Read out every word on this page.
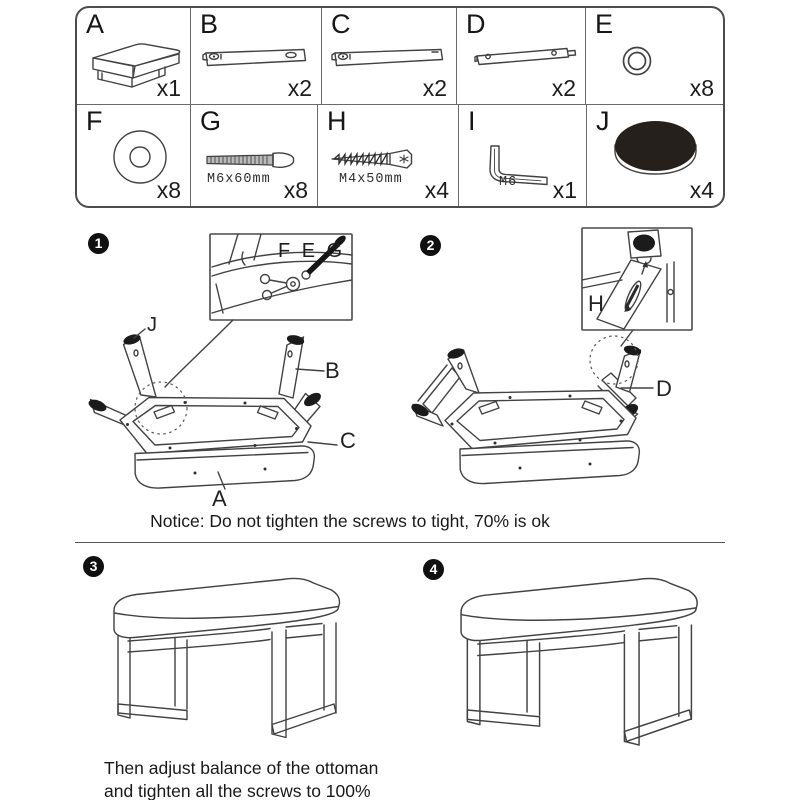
A
x1
B
x2
C
x2
D
x2
E
x8
F
x8
G
M6x60mm x8
H
M4x50mm x4
I
M6 x1
J
x4
1	2
3	4
F E G
J
B
C
A
H
D
Notice: Do not tighten the screws to tight, 70% is ok
Then adjust balance of the ottoman
and tighten all the screws to 100%
